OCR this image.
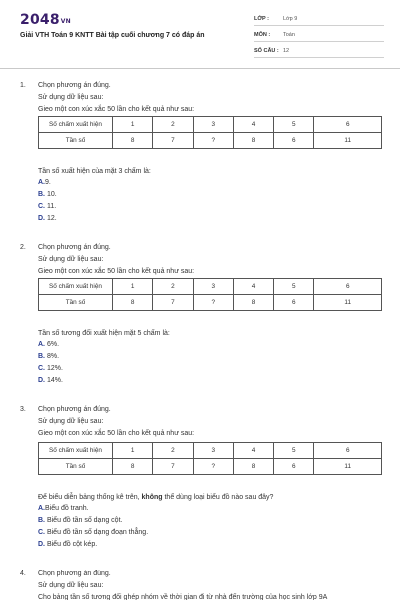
2048VN
Giải VTH Toán 9 KNTT Bài tập cuối chương 7 có đáp án
LỚP :	Lớp 9
MÔN : Toán
SỐ CÂU : 12
1. Chọn phương án đúng.
Sử dụng dữ liệu sau:
Gieo một con xúc xắc 50 lần cho kết quả như sau:
Số chấm xuất hiện	1	2	3	4	5	6
Tần số	8	7	?	8	6	11
Tần số xuất hiện của mặt 3 chấm là:
A.9.
B. 10.
C. 11.
D. 12.
2. Chọn phương án đúng.
Sử dụng dữ liệu sau:
Gieo một con xúc xắc 50 lần cho kết quả như sau:
Số chấm xuất hiện	1	2	3	4	5	6
Tần số	8	7	?	8	6	11
Tần số tương đối xuất hiện mặt 5 chấm là:
A. 6%.
B. 8%.
C. 12%.
D. 14%.
3. Chọn phương án đúng.
Sử dụng dữ liệu sau:
Gieo một con xúc xắc 50 lần cho kết quả như sau:
Số chấm xuất hiện	1	2	3	4	5	6
Tần số	8	7	?	8	6	11
Để biểu diễn bảng thống kê trên, không thể dùng loại biểu đồ nào sau đây?
A.Biểu đồ tranh.
B. Biểu đồ tần số dạng cột.
C. Biểu đồ tần số dạng đoạn thẳng.
D. Biểu đồ cột kép.
4. Chọn phương án đúng.
Sử dụng dữ liệu sau:
Cho bảng tần số tương đối ghép nhóm về thời gian đi từ nhà đến trường của học sinh lớp 9A
